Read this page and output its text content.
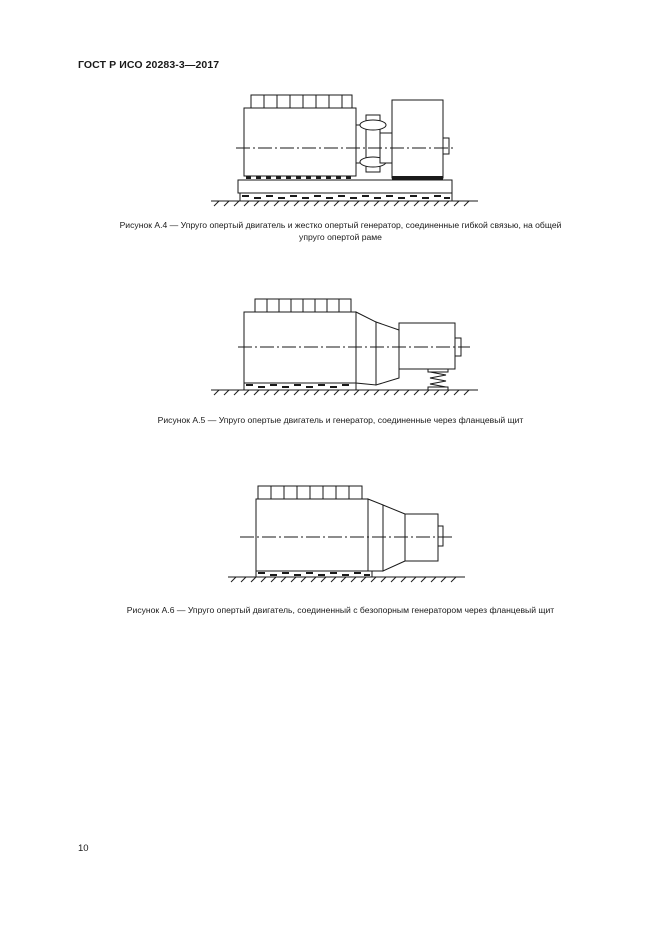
ГОСТ Р ИСО 20283-3—2017
Рисунок А.4 — Упруго опертый двигатель и жестко опертый генератор, соединенные гибкой связью, на общей
упруго опертой раме
Рисунок А.5 — Упруго опертые двигатель и генератор, соединенные через фланцевый щит
Рисунок А.6 — Упруго опертый двигатель, соединенный с безопорным генератором через фланцевый щит
10
